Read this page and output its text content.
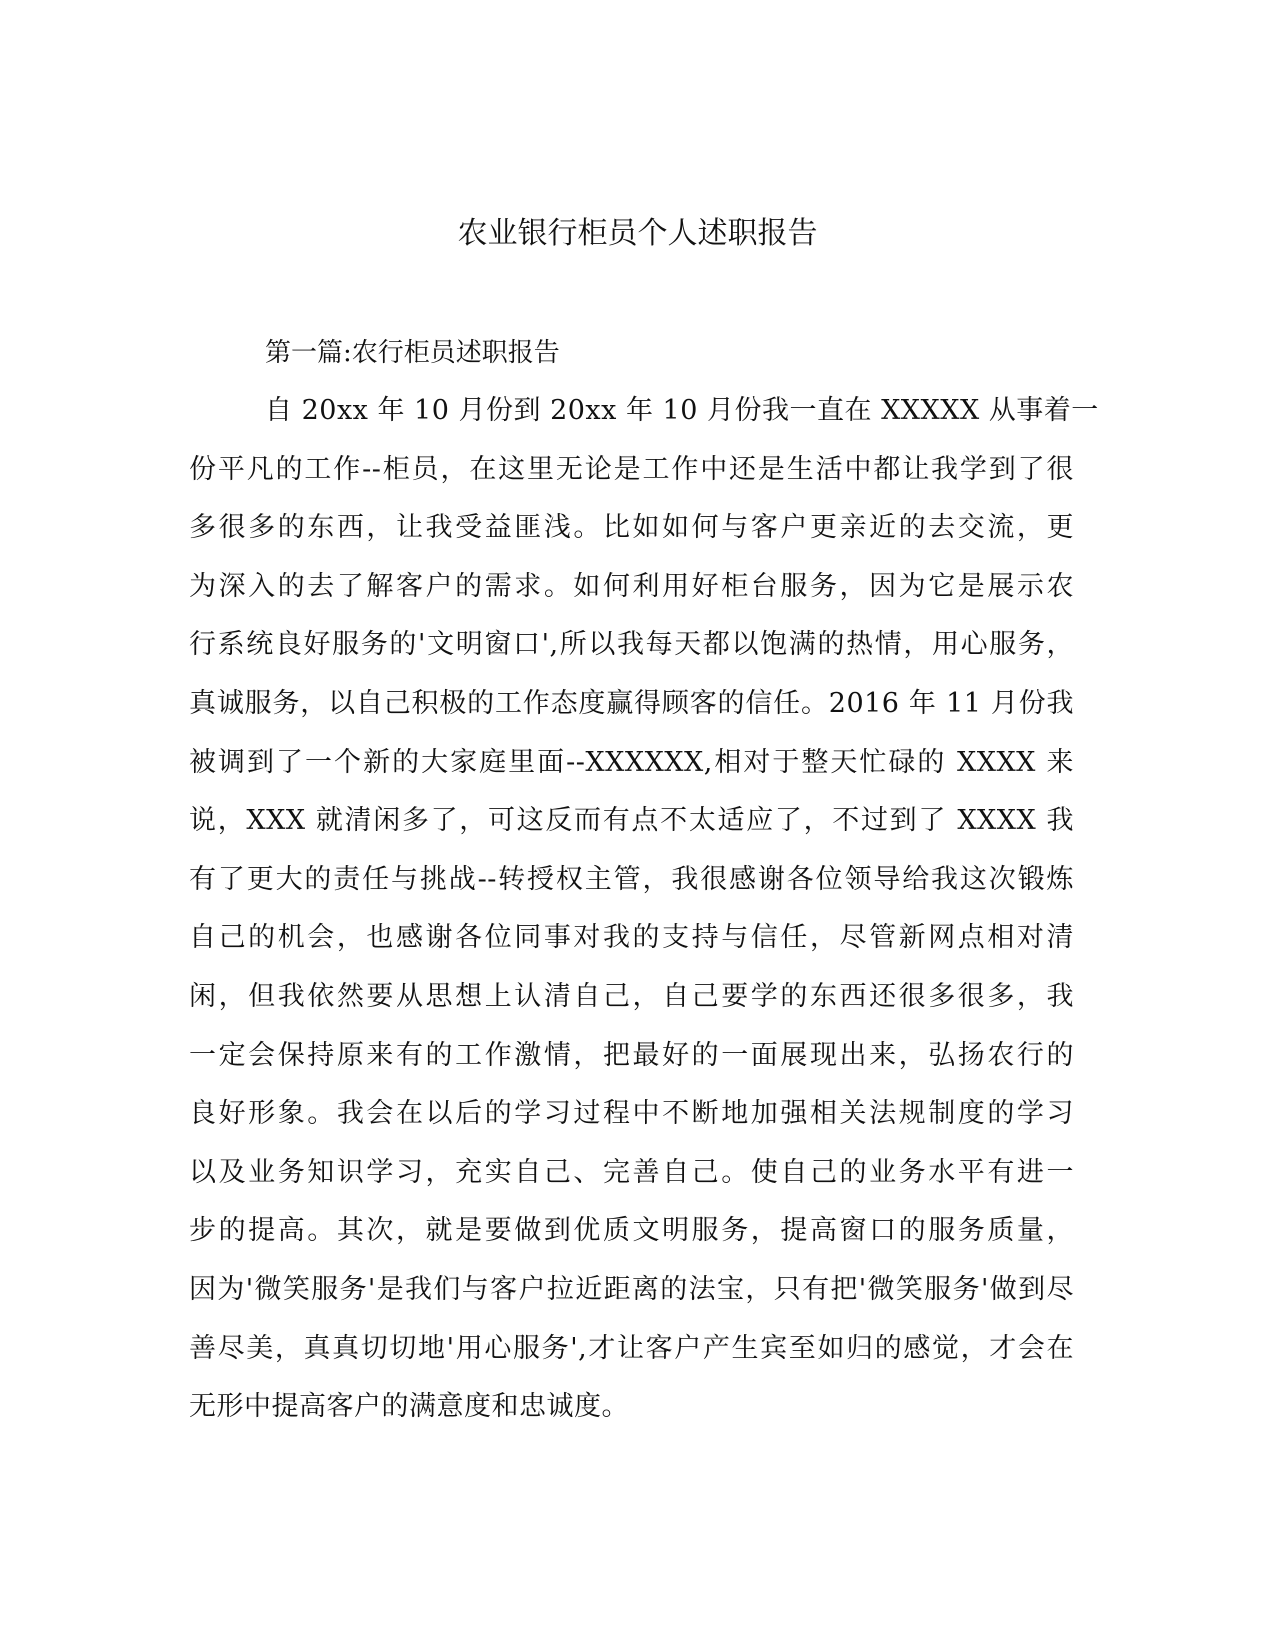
农业银行柜员个人述职报告
第一篇:农行柜员述职报告
自 20xx 年 10 月份到 20xx 年 10 月份我一直在 XXXXX 从事着一
份平凡的工作--柜员，在这里无论是工作中还是生活中都让我学到了很
多很多的东西，让我受益匪浅。比如如何与客户更亲近的去交流，更
为深入的去了解客户的需求。如何利用好柜台服务，因为它是展示农
行系统良好服务的'文明窗口',所以我每天都以饱满的热情，用心服务，
真诚服务，以自己积极的工作态度赢得顾客的信任。2016 年 11 月份我
被调到了一个新的大家庭里面--XXXXXX,相对于整天忙碌的 XXXX 来
说，XXX 就清闲多了，可这反而有点不太适应了，不过到了 XXXX 我
有了更大的责任与挑战--转授权主管，我很感谢各位领导给我这次锻炼
自己的机会，也感谢各位同事对我的支持与信任，尽管新网点相对清
闲，但我依然要从思想上认清自己，自己要学的东西还很多很多，我
一定会保持原来有的工作激情，把最好的一面展现出来，弘扬农行的
良好形象。我会在以后的学习过程中不断地加强相关法规制度的学习
以及业务知识学习，充实自己、完善自己。使自己的业务水平有进一
步的提高。其次，就是要做到优质文明服务，提高窗口的服务质量，
因为'微笑服务'是我们与客户拉近距离的法宝，只有把'微笑服务'做到尽
善尽美，真真切切地'用心服务',才让客户产生宾至如归的感觉，才会在
无形中提高客户的满意度和忠诚度。
